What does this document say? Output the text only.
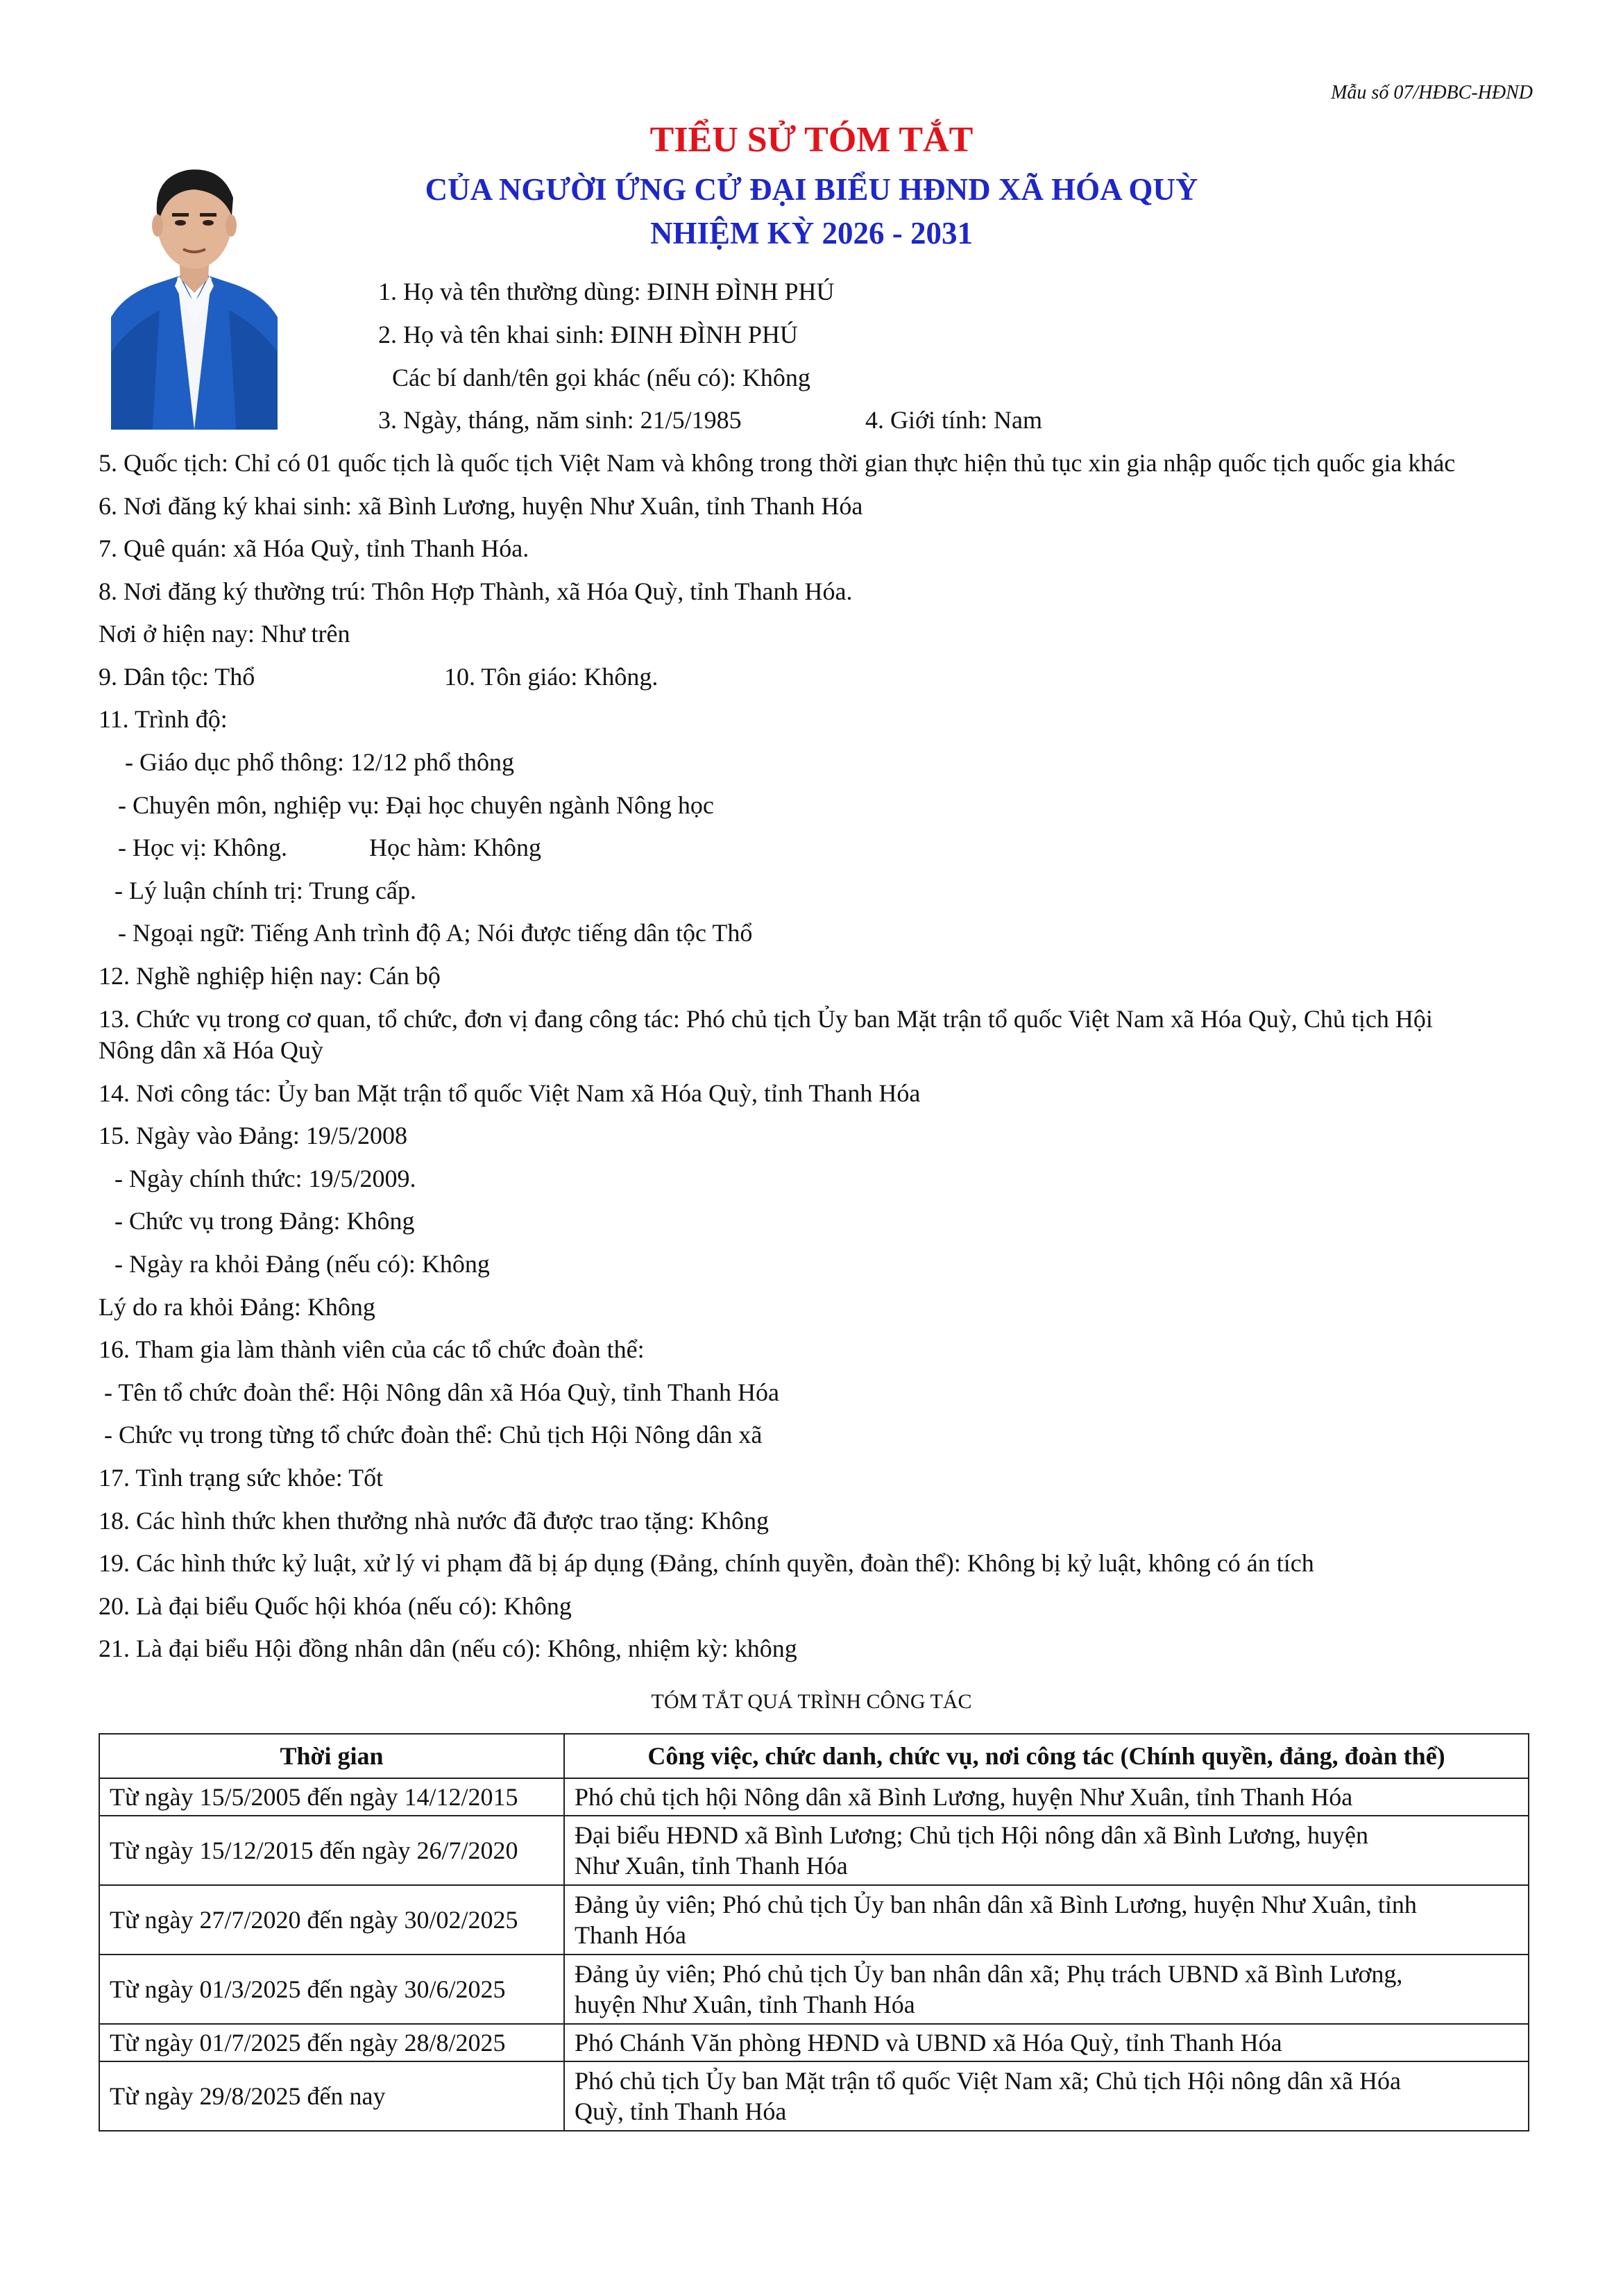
Mẫu số 07/HĐBC-HĐND
TIỂU SỬ TÓM TẮT
CỦA NGƯỜI ỨNG CỬ ĐẠI BIỂU HĐND XÃ HÓA QUỲ
NHIỆM KỲ 2026 - 2031
1. Họ và tên thường dùng: ĐINH ĐÌNH PHÚ
2. Họ và tên khai sinh: ĐINH ĐÌNH PHÚ
Các bí danh/tên gọi khác (nếu có): Không
3. Ngày, tháng, năm sinh: 21/5/1985	4. Giới tính: Nam
5. Quốc tịch: Chỉ có 01 quốc tịch là quốc tịch Việt Nam và không trong thời gian thực hiện thủ tục xin gia nhập quốc tịch quốc gia khác
6. Nơi đăng ký khai sinh: xã Bình Lương, huyện Như Xuân, tỉnh Thanh Hóa
7. Quê quán: xã Hóa Quỳ, tỉnh Thanh Hóa.
8. Nơi đăng ký thường trú: Thôn Hợp Thành, xã Hóa Quỳ, tỉnh Thanh Hóa.
Nơi ở hiện nay: Như trên
9. Dân tộc: Thổ	10. Tôn giáo: Không.
11. Trình độ:
- Giáo dục phổ thông: 12/12 phổ thông
- Chuyên môn, nghiệp vụ: Đại học chuyên ngành Nông học
- Học vị: Không.	Học hàm: Không
- Lý luận chính trị: Trung cấp.
- Ngoại ngữ: Tiếng Anh trình độ A; Nói được tiếng dân tộc Thổ
12. Nghề nghiệp hiện nay: Cán bộ
13. Chức vụ trong cơ quan, tổ chức, đơn vị đang công tác: Phó chủ tịch Ủy ban Mặt trận tổ quốc Việt Nam xã Hóa Quỳ, Chủ tịch Hội
Nông dân xã Hóa Quỳ
14. Nơi công tác: Ủy ban Mặt trận tổ quốc Việt Nam xã Hóa Quỳ, tỉnh Thanh Hóa
15. Ngày vào Đảng: 19/5/2008
- Ngày chính thức: 19/5/2009.
- Chức vụ trong Đảng: Không
- Ngày ra khỏi Đảng (nếu có): Không
Lý do ra khỏi Đảng: Không
16. Tham gia làm thành viên của các tổ chức đoàn thể:
- Tên tổ chức đoàn thể: Hội Nông dân xã Hóa Quỳ, tỉnh Thanh Hóa
- Chức vụ trong từng tổ chức đoàn thể: Chủ tịch Hội Nông dân xã
17. Tình trạng sức khỏe: Tốt
18. Các hình thức khen thưởng nhà nước đã được trao tặng: Không
19. Các hình thức kỷ luật, xử lý vi phạm đã bị áp dụng (Đảng, chính quyền, đoàn thể): Không bị kỷ luật, không có án tích
20. Là đại biểu Quốc hội khóa (nếu có): Không
21. Là đại biểu Hội đồng nhân dân (nếu có): Không, nhiệm kỳ: không
TÓM TẮT QUÁ TRÌNH CÔNG TÁC
Thời gian	Công việc, chức danh, chức vụ, nơi công tác (Chính quyền, đảng, đoàn thể)
Từ ngày 15/5/2005 đến ngày 14/12/2015	Phó chủ tịch hội Nông dân xã Bình Lương, huyện Như Xuân, tỉnh Thanh Hóa
Từ ngày 15/12/2015 đến ngày 26/7/2020	Đại biểu HĐND xã Bình Lương; Chủ tịch Hội nông dân xã Bình Lương, huyện
Như Xuân, tỉnh Thanh Hóa
Từ ngày 27/7/2020 đến ngày 30/02/2025	Đảng ủy viên; Phó chủ tịch Ủy ban nhân dân xã Bình Lương, huyện Như Xuân, tỉnh
Thanh Hóa
Từ ngày 01/3/2025 đến ngày 30/6/2025	Đảng ủy viên; Phó chủ tịch Ủy ban nhân dân xã; Phụ trách UBND xã Bình Lương,
huyện Như Xuân, tỉnh Thanh Hóa
Từ ngày 01/7/2025 đến ngày 28/8/2025	Phó Chánh Văn phòng HĐND và UBND xã Hóa Quỳ, tỉnh Thanh Hóa
Từ ngày 29/8/2025 đến nay	Phó chủ tịch Ủy ban Mặt trận tổ quốc Việt Nam xã; Chủ tịch Hội nông dân xã Hóa
Quỳ, tỉnh Thanh Hóa
